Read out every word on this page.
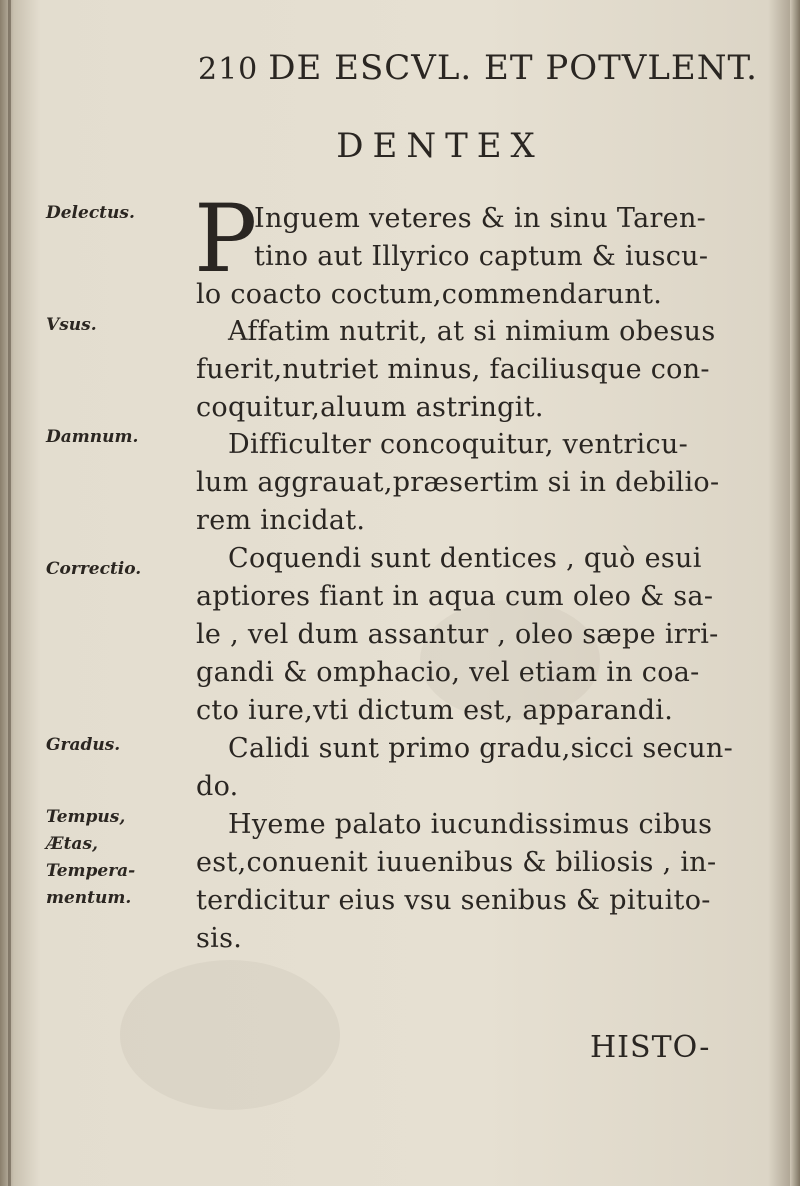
210 DE ESCVL. ET POTVLENT.
DENTEX
Delectus.
Vsus.
Damnum.
Correctio.
Gradus.
Tempus,
Ætas,
Tempera-
mentum.
P
Inguem veteres & in sinu Taren-
tino aut Illyrico captum & iuscu-
lo coacto coctum,commendarunt.
Affatim nutrit, at si nimium obesus
fuerit,nutriet minus, faciliusque con-
coquitur,aluum astringit.
Difficulter concoquitur, ventricu-
lum aggrauat,præsertim si in debilio-
rem incidat.
Coquendi sunt dentices , quò esui
aptiores fiant in aqua cum oleo & sa-
le , vel dum assantur , oleo sæpe irri-
gandi & omphacio, vel etiam in coa-
cto iure,vti dictum est, apparandi.
Calidi sunt primo gradu,sicci secun-
do.
Hyeme palato iucundissimus cibus
est,conuenit iuuenibus & biliosis , in-
terdicitur eius vsu senibus & pituito-
sis.
HISTO-
